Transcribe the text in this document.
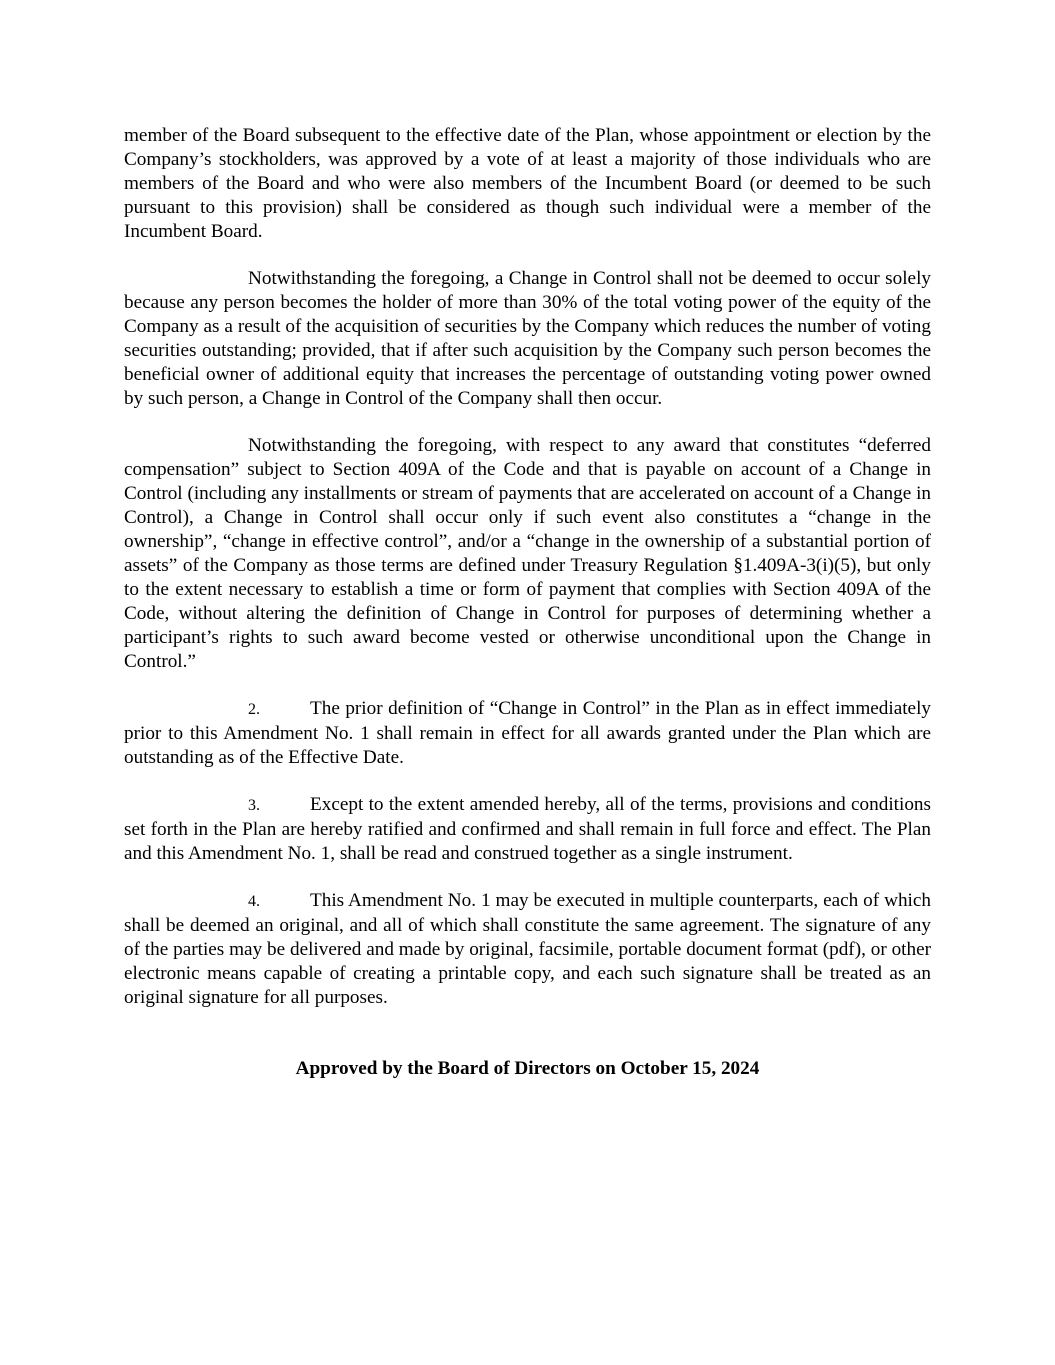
member of the Board subsequent to the effective date of the Plan, whose appointment or election by the Company’s stockholders, was approved by a vote of at least a majority of those individuals who are members of the Board and who were also members of the Incumbent Board (or deemed to be such pursuant to this provision) shall be considered as though such individual were a member of the Incumbent Board.

Notwithstanding the foregoing, a Change in Control shall not be deemed to occur solely because any person becomes the holder of more than 30% of the total voting power of the equity of the Company as a result of the acquisition of securities by the Company which reduces the number of voting securities outstanding; provided, that if after such acquisition by the Company such person becomes the beneficial owner of additional equity that increases the percentage of outstanding voting power owned by such person, a Change in Control of the Company shall then occur.

Notwithstanding the foregoing, with respect to any award that constitutes “deferred compensation” subject to Section 409A of the Code and that is payable on account of a Change in Control (including any installments or stream of payments that are accelerated on account of a Change in Control), a Change in Control shall occur only if such event also constitutes a “change in the ownership”, “change in effective control”, and/or a “change in the ownership of a substantial portion of assets” of the Company as those terms are defined under Treasury Regulation §1.409A-3(i)(5), but only to the extent necessary to establish a time or form of payment that complies with Section 409A of the Code, without altering the definition of Change in Control for purposes of determining whether a participant’s rights to such award become vested or otherwise unconditional upon the Change in Control.”

2.	The prior definition of “Change in Control” in the Plan as in effect immediately prior to this Amendment No. 1 shall remain in effect for all awards granted under the Plan which are outstanding as of the Effective Date.

3.	Except to the extent amended hereby, all of the terms, provisions and conditions set forth in the Plan are hereby ratified and confirmed and shall remain in full force and effect. The Plan and this Amendment No. 1, shall be read and construed together as a single instrument.

4.	This Amendment No. 1 may be executed in multiple counterparts, each of which shall be deemed an original, and all of which shall constitute the same agreement. The signature of any of the parties may be delivered and made by original, facsimile, portable document format (pdf), or other electronic means capable of creating a printable copy, and each such signature shall be treated as an original signature for all purposes.

Approved by the Board of Directors on October 15, 2024
